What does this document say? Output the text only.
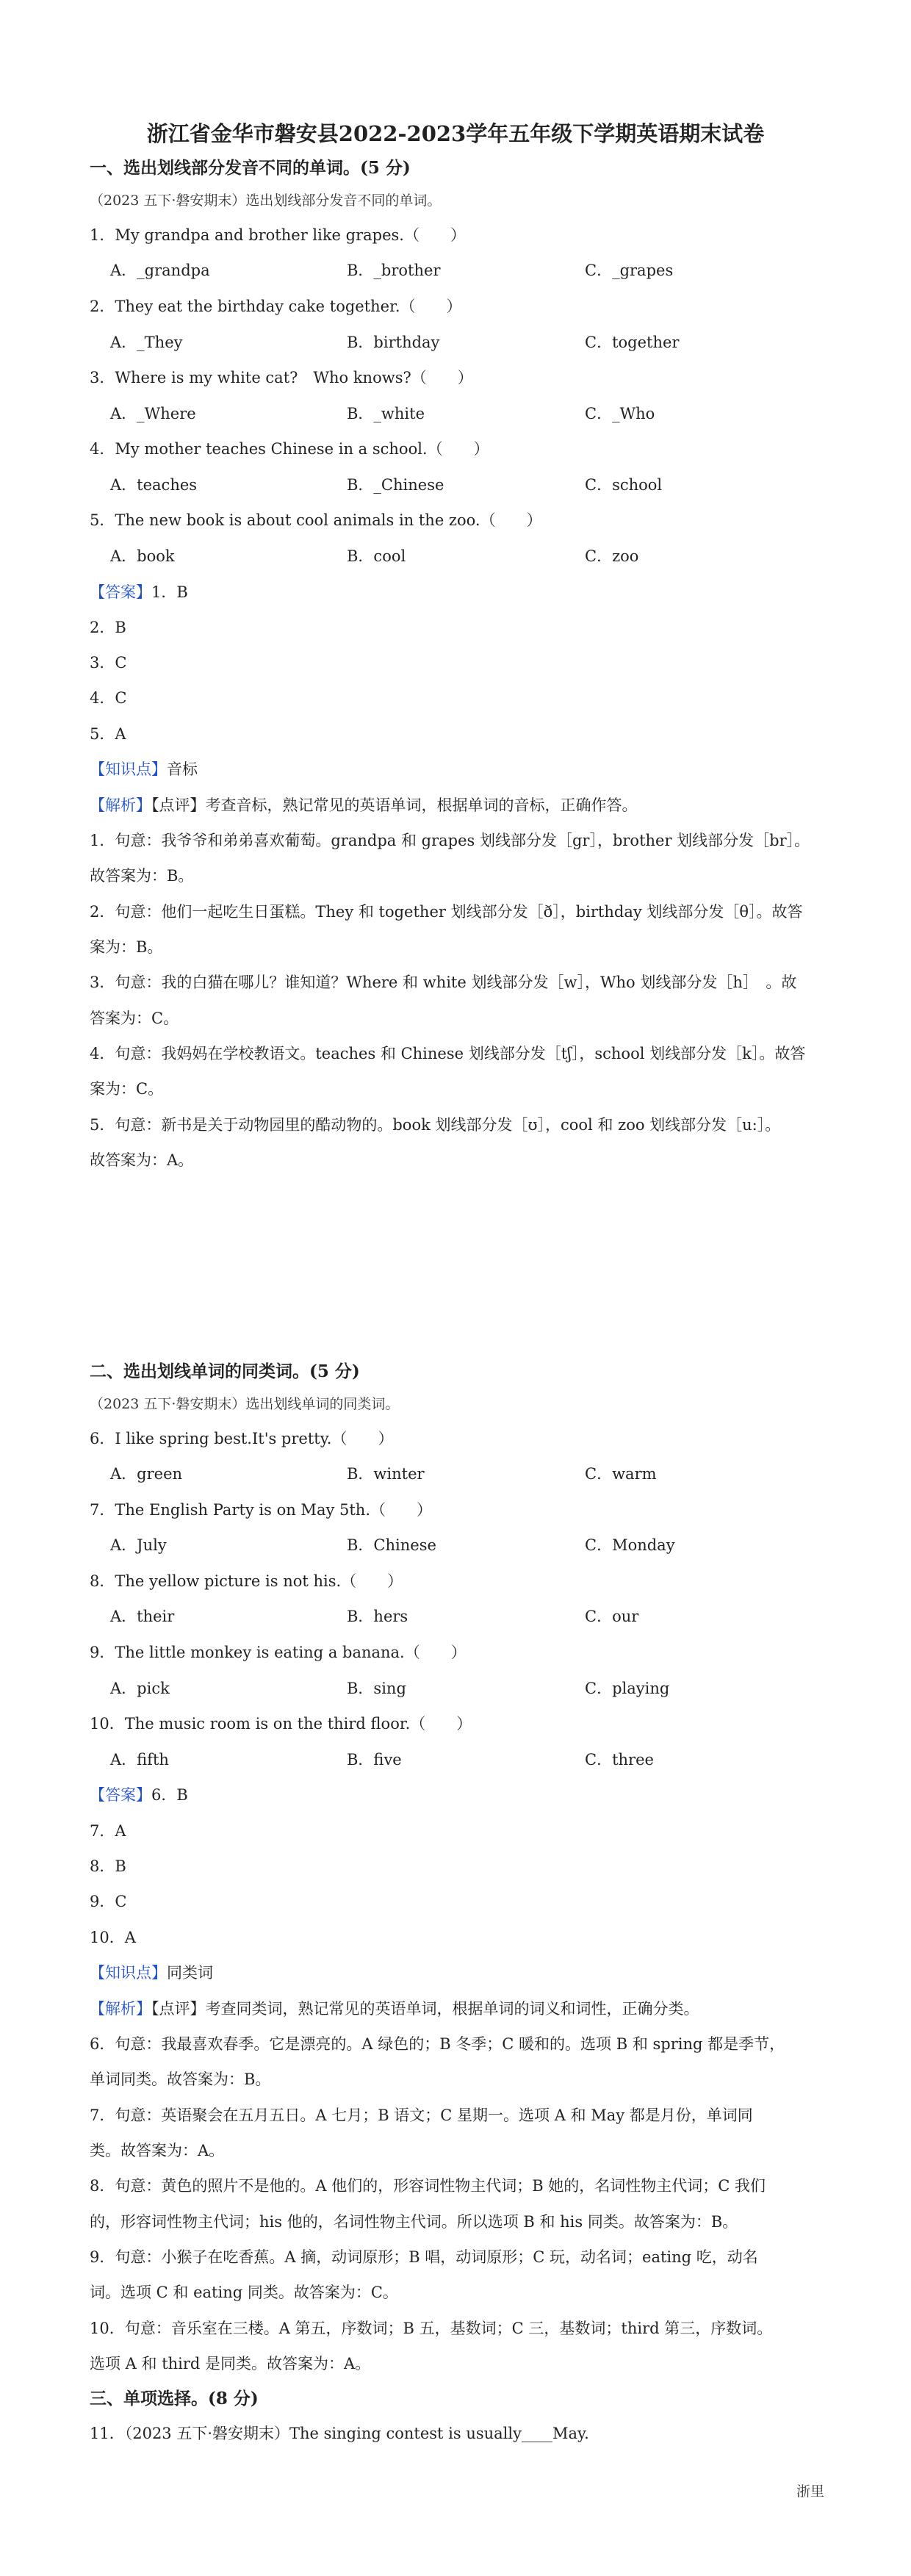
浙江省金华市磐安县2022-2023学年五年级下学期英语期末试卷
一、选出划线部分发音不同的单词。(5 分)
（2023 五下·磐安期末）选出划线部分发音不同的单词。
1．My grandpa and brother like grapes.（　　）
A．_grandpa	B．_brother	C．_grapes
2．They eat the birthday cake together.（　　）
A．_They	B．birthday	C．together
3．Where is my white cat?　Who knows?（　　）
A．_Where	B．_white	C．_Who
4．My mother teaches Chinese in a school.（　　）
A．teaches	B．_Chinese	C．school
5．The new book is about cool animals in the zoo.（　　）
A．book	B．cool	C．zoo
【答案】1．B
2．B
3．C
4．C
5．A
【知识点】音标
【解析】【点评】考查音标，熟记常见的英语单词，根据单词的音标，正确作答。
1．句意：我爷爷和弟弟喜欢葡萄。grandpa 和 grapes 划线部分发［gr］，brother 划线部分发［br］。
故答案为：B。
2．句意：他们一起吃生日蛋糕。They 和 together 划线部分发［ð］，birthday 划线部分发［θ］。故答
案为：B。
3．句意：我的白猫在哪儿？谁知道？Where 和 white 划线部分发［w］，Who 划线部分发［h］　。故
答案为：C。
4．句意：我妈妈在学校教语文。teaches 和 Chinese 划线部分发［tʃ］，school 划线部分发［k］。故答
案为：C。
5．句意：新书是关于动物园里的酷动物的。book 划线部分发［ʊ］，cool 和 zoo 划线部分发［u:］。
故答案为：A。
二、选出划线单词的同类词。(5 分)
（2023 五下·磐安期末）选出划线单词的同类词。
6．I like spring best.It's pretty.（　　）
A．green	B．winter	C．warm
7．The English Party is on May 5th.（　　）
A．July	B．Chinese	C．Monday
8．The yellow picture is not his.（　　）
A．their	B．hers	C．our
9．The little monkey is eating a banana.（　　）
A．pick	B．sing	C．playing
10．The music room is on the third floor.（　　）
A．fifth	B．five	C．three
【答案】6．B
7．A
8．B
9．C
10．A
【知识点】同类词
【解析】【点评】考查同类词，熟记常见的英语单词，根据单词的词义和词性，正确分类。
6．句意：我最喜欢春季。它是漂亮的。A 绿色的；B 冬季；C 暖和的。选项 B 和 spring 都是季节，
单词同类。故答案为：B。
7．句意：英语聚会在五月五日。A 七月；B 语文；C 星期一。选项 A 和 May 都是月份，单词同
类。故答案为：A。
8．句意：黄色的照片不是他的。A 他们的，形容词性物主代词；B 她的，名词性物主代词；C 我们
的，形容词性物主代词；his 他的，名词性物主代词。所以选项 B 和 his 同类。故答案为：B。
9．句意：小猴子在吃香蕉。A 摘，动词原形；B 唱，动词原形；C 玩，动名词；eating 吃，动名
词。选项 C 和 eating 同类。故答案为：C。
10．句意：音乐室在三楼。A 第五，序数词；B 五，基数词；C 三，基数词；third 第三，序数词。
选项 A 和 third 是同类。故答案为：A。
三、单项选择。(8 分)
11．（2023 五下·磐安期末）The singing contest is usually____May.
浙里
